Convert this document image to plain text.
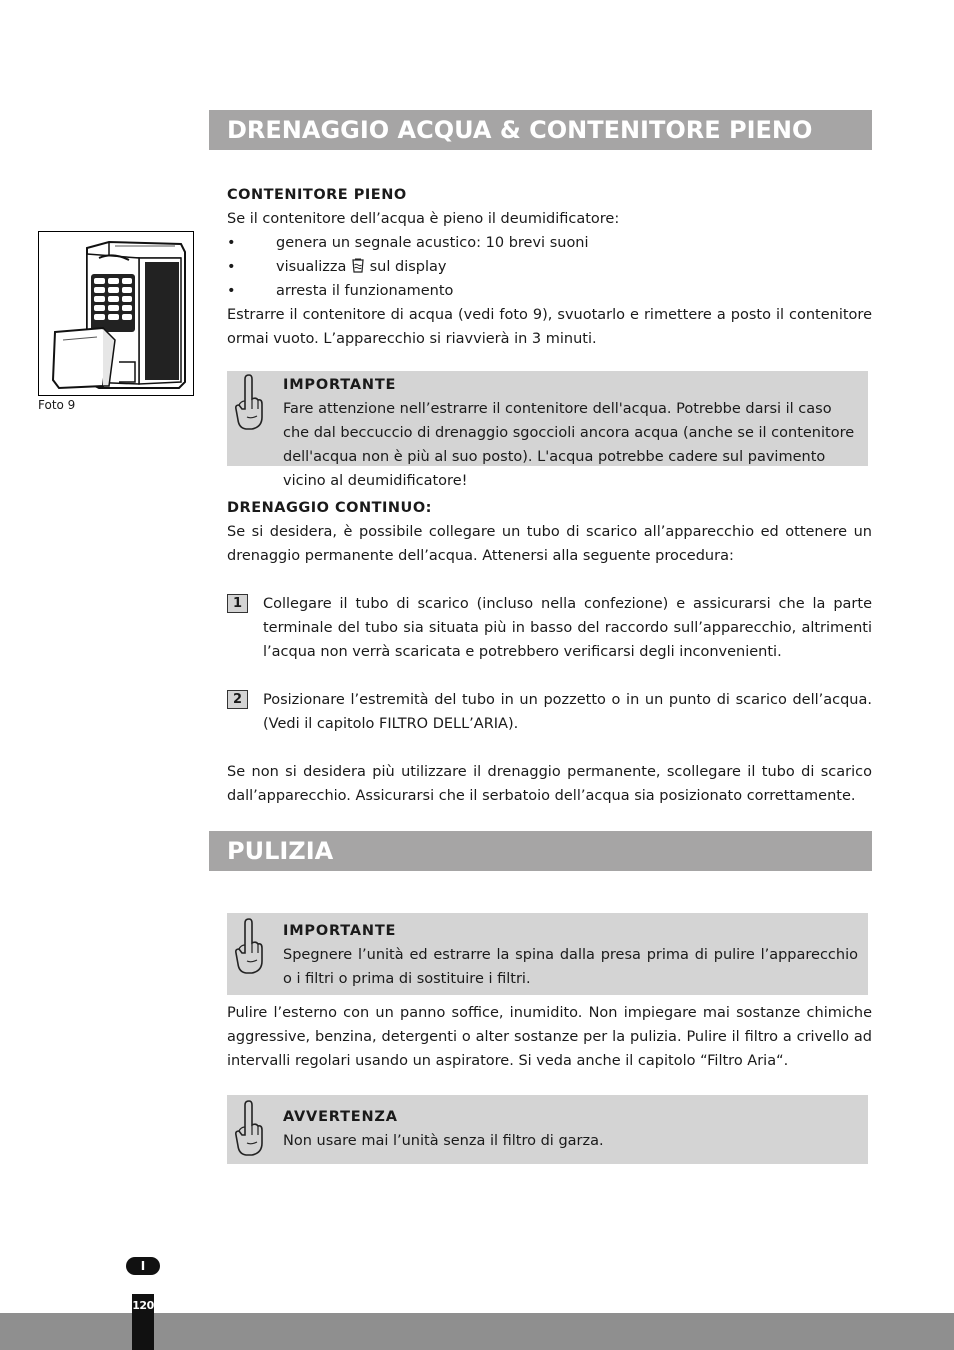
DRENAGGIO ACQUA & CONTENITORE PIENO
Foto 9
CONTENITORE PIENO
Se il contenitore dell’acqua è pieno il deumidificatore:
•	genera un segnale acustico: 10 brevi suoni
•	visualizza sul display
•	arresta il funzionamento

Estrarre il contenitore di acqua (vedi foto 9), svuotarlo e rimettere a posto il contenitore ormai vuoto. L’apparecchio si riavvierà in 3 minuti.

IMPORTANTE
Fare attenzione nell’estrarre il contenitore dell'acqua. Potrebbe darsi il caso che dal beccuccio di drenaggio sgoccioli ancora acqua (anche se il contenitore dell'acqua non è più al suo posto). L'acqua potrebbe cadere sul pavimento vicino al deumidificatore!
DRENAGGIO CONTINUO:

Se si desidera, è possibile collegare un tubo di scarico all’apparecchio ed ottenere un drenaggio permanente dell’acqua. Attenersi alla seguente procedura:

1	Collegare il tubo di scarico (incluso nella confezione) e assicurarsi che la parte terminale del tubo sia situata più in basso del raccordo sull’apparecchio, altrimenti l’acqua non verrà scaricata e potrebbero verificarsi degli inconvenienti.
2	Posizionare l’estremità del tubo in un pozzetto o in un punto di scarico dell’acqua. (Vedi il capitolo FILTRO DELL’ARIA).

Se non si desidera più utilizzare il drenaggio permanente, scollegare il tubo di scarico dall’apparecchio. Assicurarsi che il serbatoio dell’acqua sia posizionato correttamente.

PULIZIA
IMPORTANTE
Spegnere l’unità ed estrarre la spina dalla presa prima di pulire l’apparecchio o i filtri o prima di sostituire i filtri.

Pulire l’esterno con un panno soffice, inumidito. Non impiegare mai sostanze chimiche aggressive, benzina, detergenti o alter sostanze per la pulizia. Pulire il filtro a crivello ad intervalli regolari usando un aspiratore. Si veda anche il capitolo “Filtro Aria“.

AVVERTENZA
Non usare mai l’unità senza il filtro di garza.
I
120
